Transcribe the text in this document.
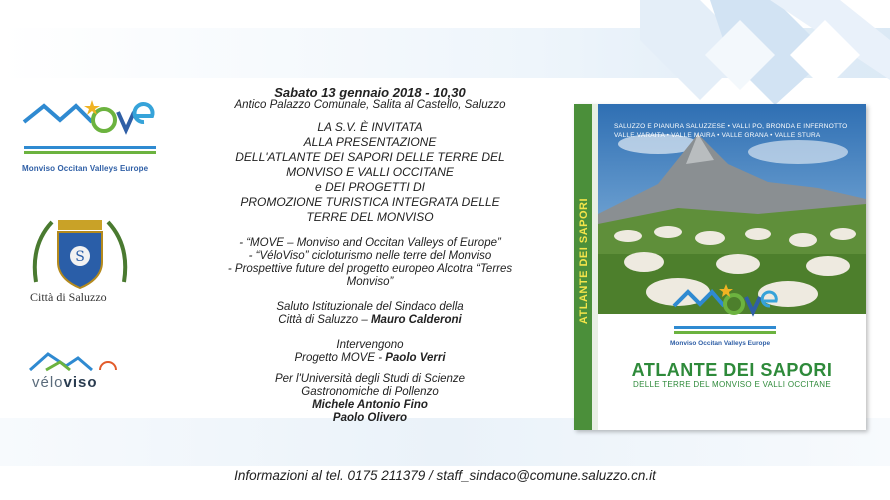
Monviso Occitan Valleys Europe
S
Città di Saluzzo
véloviso
Sabato 13 gennaio 2018 - 10,30
Antico Palazzo Comunale, Salita al Castello, Saluzzo
LA S.V. È INVITATA
ALLA PRESENTAZIONE
DELL'ATLANTE DEI SAPORI DELLE TERRE DEL
MONVISO E VALLI OCCITANE
e DEI PROGETTI DI
PROMOZIONE TURISTICA INTEGRATA DELLE
TERRE DEL MONVISO
- “MOVE – Monviso and Occitan Valleys of Europe”
- “VéloViso” cicloturismo nelle terre del Monviso
- Prospettive future del progetto europeo Alcotra “Terres
Monviso”
Saluto Istituzionale del Sindaco della
Città di Saluzzo – Mauro Calderoni
Intervengono
Progetto MOVE - Paolo Verri
Per l'Università degli Studi di Scienze
Gastronomiche di Pollenzo
Michele Antonio Fino
Paolo Olivero
ATLANTE DEI SAPORI
SALUZZO E PIANURA SALUZZESE • VALLI PO, BRONDA E INFERNOTTO
VALLE VARAITA • VALLE MAIRA • VALLE GRANA • VALLE STURA
Monviso Occitan Valleys Europe
ATLANTE DEI SAPORI
DELLE TERRE DEL MONVISO E VALLI OCCITANE
Informazioni al tel. 0175 211379 / staff_sindaco@comune.saluzzo.cn.it
